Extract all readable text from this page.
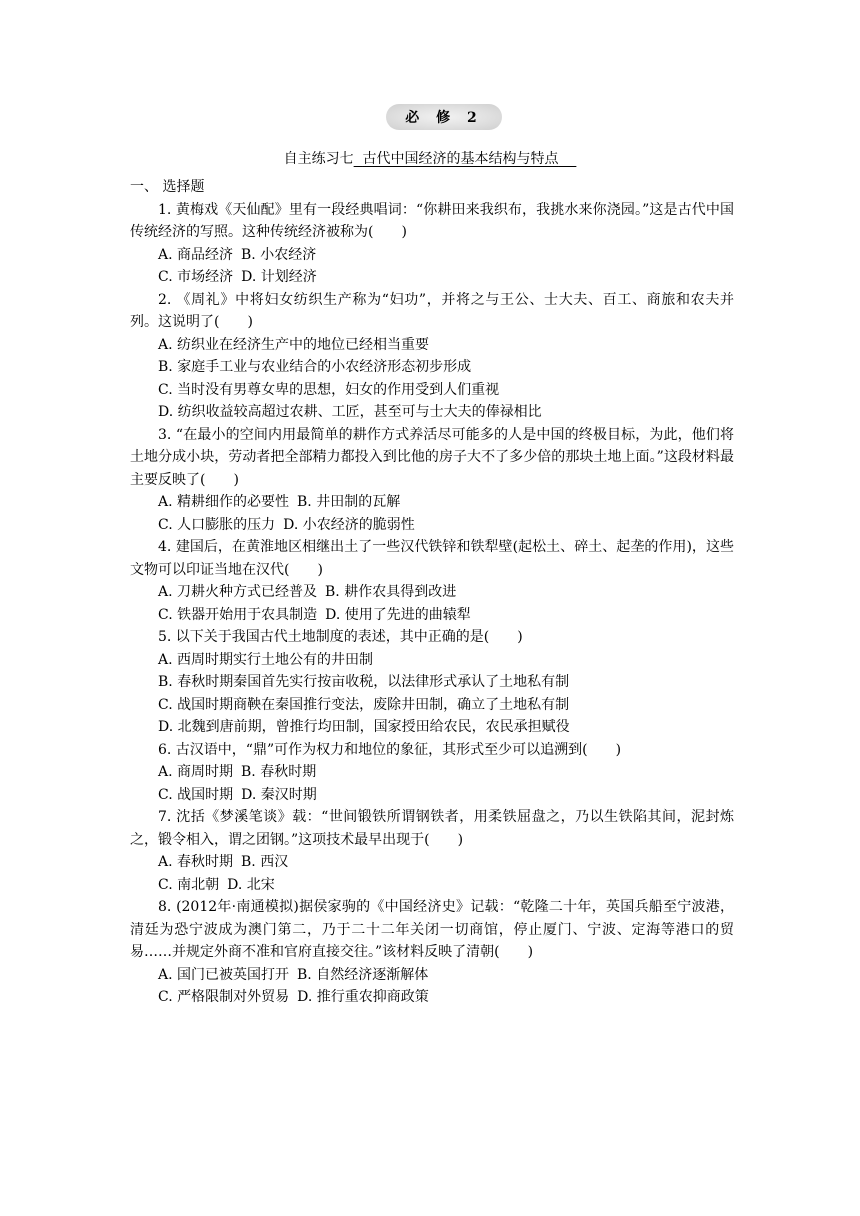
必 修 2
自主练习七 古代中国经济的基本结构与特点

一、 选择题

1. 黄梅戏《天仙配》里有一段经典唱词：“你耕田来我织布，我挑水来你浇园。”这是古代中国传统经济的写照。这种传统经济被称为(　　)

A. 商品经济 B. 小农经济

C. 市场经济 D. 计划经济

2. 《周礼》中将妇女纺织生产称为“妇功”，并将之与王公、士大夫、百工、商旅和农夫并列。这说明了(　　)

A. 纺织业在经济生产中的地位已经相当重要

B. 家庭手工业与农业结合的小农经济形态初步形成

C. 当时没有男尊女卑的思想，妇女的作用受到人们重视

D. 纺织收益较高超过农耕、工匠，甚至可与士大夫的俸禄相比

3. “在最小的空间内用最简单的耕作方式养活尽可能多的人是中国的终极目标，为此，他们将土地分成小块，劳动者把全部精力都投入到比他的房子大不了多少倍的那块土地上面。”这段材料最主要反映了(　　)

A. 精耕细作的必要性 B. 井田制的瓦解

C. 人口膨胀的压力 D. 小农经济的脆弱性

4. 建国后，在黄淮地区相继出土了一些汉代铁锌和铁犁壁(起松土、碎土、起垄的作用)，这些文物可以印证当地在汉代(　　)

A. 刀耕火种方式已经普及 B. 耕作农具得到改进

C. 铁器开始用于农具制造 D. 使用了先进的曲辕犁

5. 以下关于我国古代土地制度的表述，其中正确的是(　　)

A. 西周时期实行土地公有的井田制

B. 春秋时期秦国首先实行按亩收税，以法律形式承认了土地私有制

C. 战国时期商鞅在秦国推行变法，废除井田制，确立了土地私有制

D. 北魏到唐前期，曾推行均田制，国家授田给农民，农民承担赋役

6. 古汉语中，“鼎”可作为权力和地位的象征，其形式至少可以追溯到(　　)

A. 商周时期 B. 春秋时期

C. 战国时期 D. 秦汉时期

7. 沈括《梦溪笔谈》载：“世间锻铁所谓钢铁者，用柔铁屈盘之，乃以生铁陷其间，泥封炼之，锻令相入，谓之团钢。”这项技术最早出现于(　　)

A. 春秋时期 B. 西汉

C. 南北朝 D. 北宋

8. (2012年·南通模拟)据侯家驹的《中国经济史》记载：“乾隆二十年，英国兵船至宁波港，清廷为恐宁波成为澳门第二，乃于二十二年关闭一切商馆，停止厦门、宁波、定海等港口的贸易……并规定外商不准和官府直接交往。”该材料反映了清朝(　　)

A. 国门已被英国打开 B. 自然经济逐渐解体

C. 严格限制对外贸易 D. 推行重农抑商政策
